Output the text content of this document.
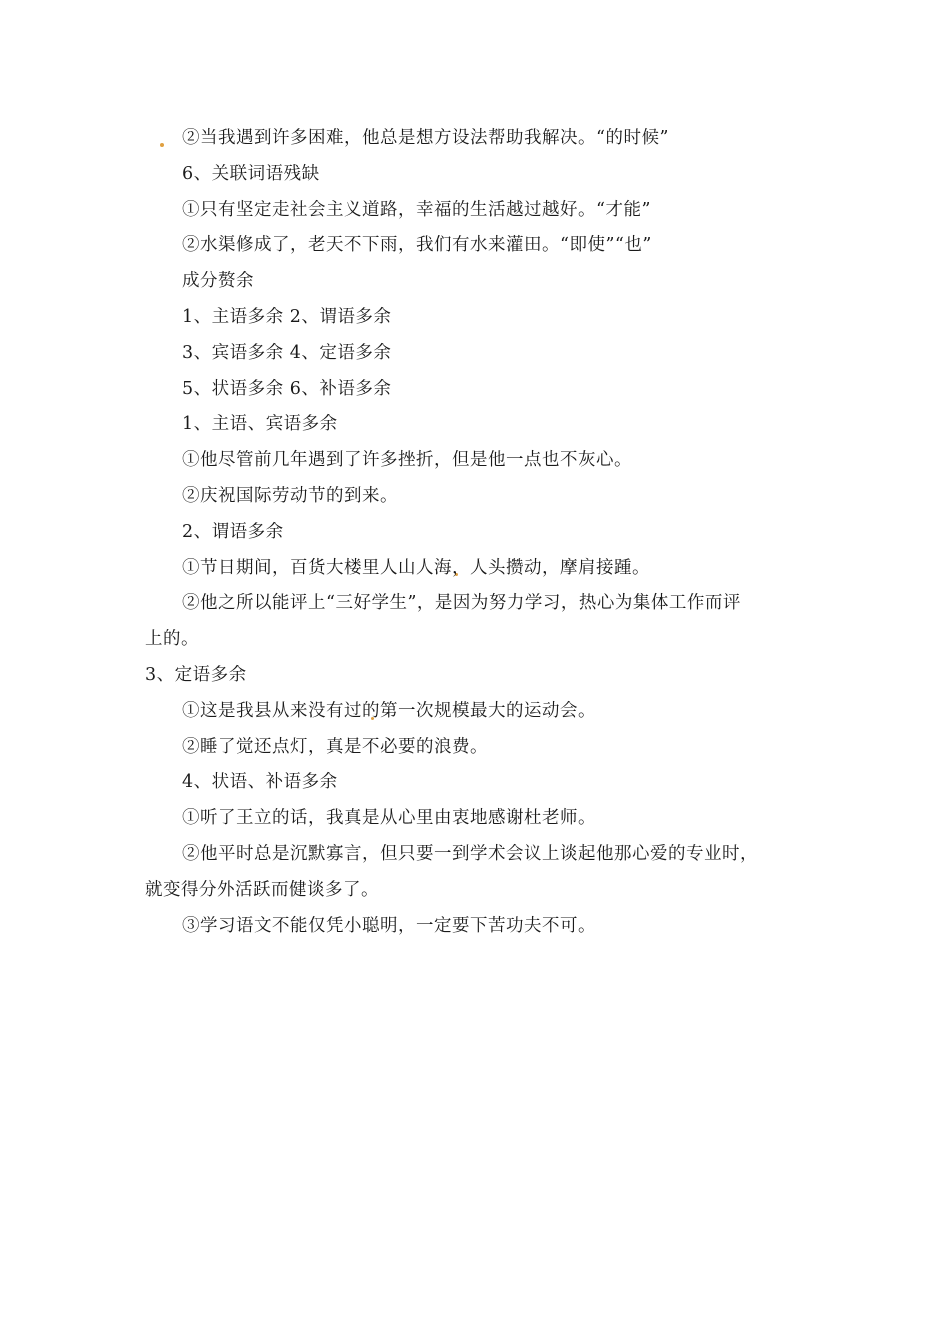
②当我遇到许多困难，他总是想方设法帮助我解决。“的时候”
6、关联词语残缺
①只有坚定走社会主义道路，幸福的生活越过越好。“才能”
②水渠修成了，老天不下雨，我们有水来灌田。“即使”“也”
成分赘余
1、主语多余 2、谓语多余
3、宾语多余 4、定语多余
5、状语多余 6、补语多余
1、主语、宾语多余
①他尽管前几年遇到了许多挫折，但是他一点也不灰心。
②庆祝国际劳动节的到来。
2、谓语多余
①节日期间，百货大楼里人山人海，人头攒动，摩肩接踵。
②他之所以能评上“三好学生”，是因为努力学习，热心为集体工作而评
上的。
3、定语多余
①这是我县从来没有过的第一次规模最大的运动会。
②睡了觉还点灯，真是不必要的浪费。
4、状语、补语多余
①听了王立的话，我真是从心里由衷地感谢杜老师。
②他平时总是沉默寡言，但只要一到学术会议上谈起他那心爱的专业时，
就变得分外活跃而健谈多了。
③学习语文不能仅凭小聪明，一定要下苦功夫不可。
